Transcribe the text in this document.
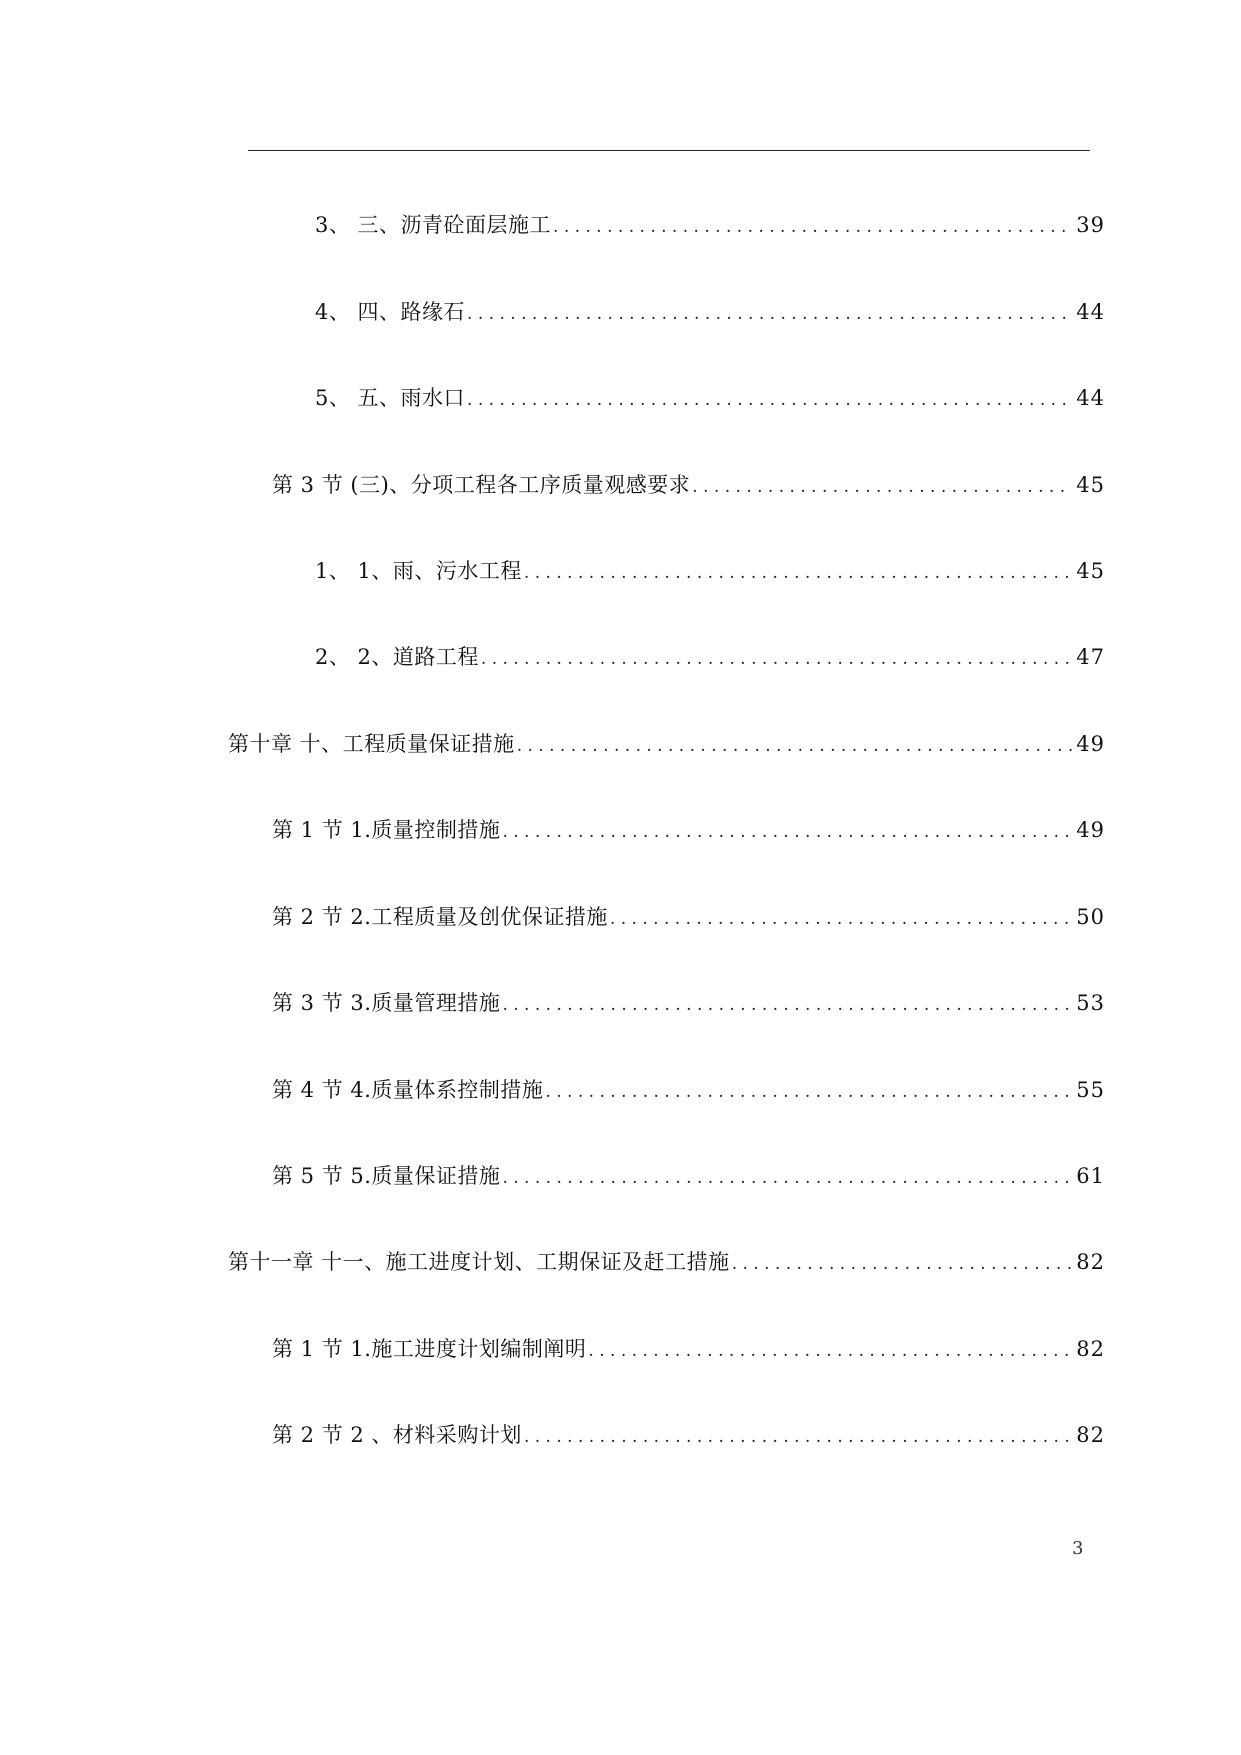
3、 三、沥青砼面层施工 . . .	39
4、 四、路缘石 . . .	44
5、 五、雨水口 . . .	44
第 3 节 (三)、分项工程各工序质量观感要求 . . .	45
1、 1、雨、污水工程 . . .	45
2、 2、道路工程 . . .	47
第十章 十、工程质量保证措施 . . .	49
第 1 节 1.质量控制措施 . . .	49
第 2 节 2.工程质量及创优保证措施 . . .	50
第 3 节 3.质量管理措施 . . .	53
第 4 节 4.质量体系控制措施 . . .	55
第 5 节 5.质量保证措施 . . .	61
第十一章 十一、施工进度计划、工期保证及赶工措施 . . .	82
第 1 节 1.施工进度计划编制阐明 . . .	82
第 2 节 2 、材料采购计划 . . .	82
3
